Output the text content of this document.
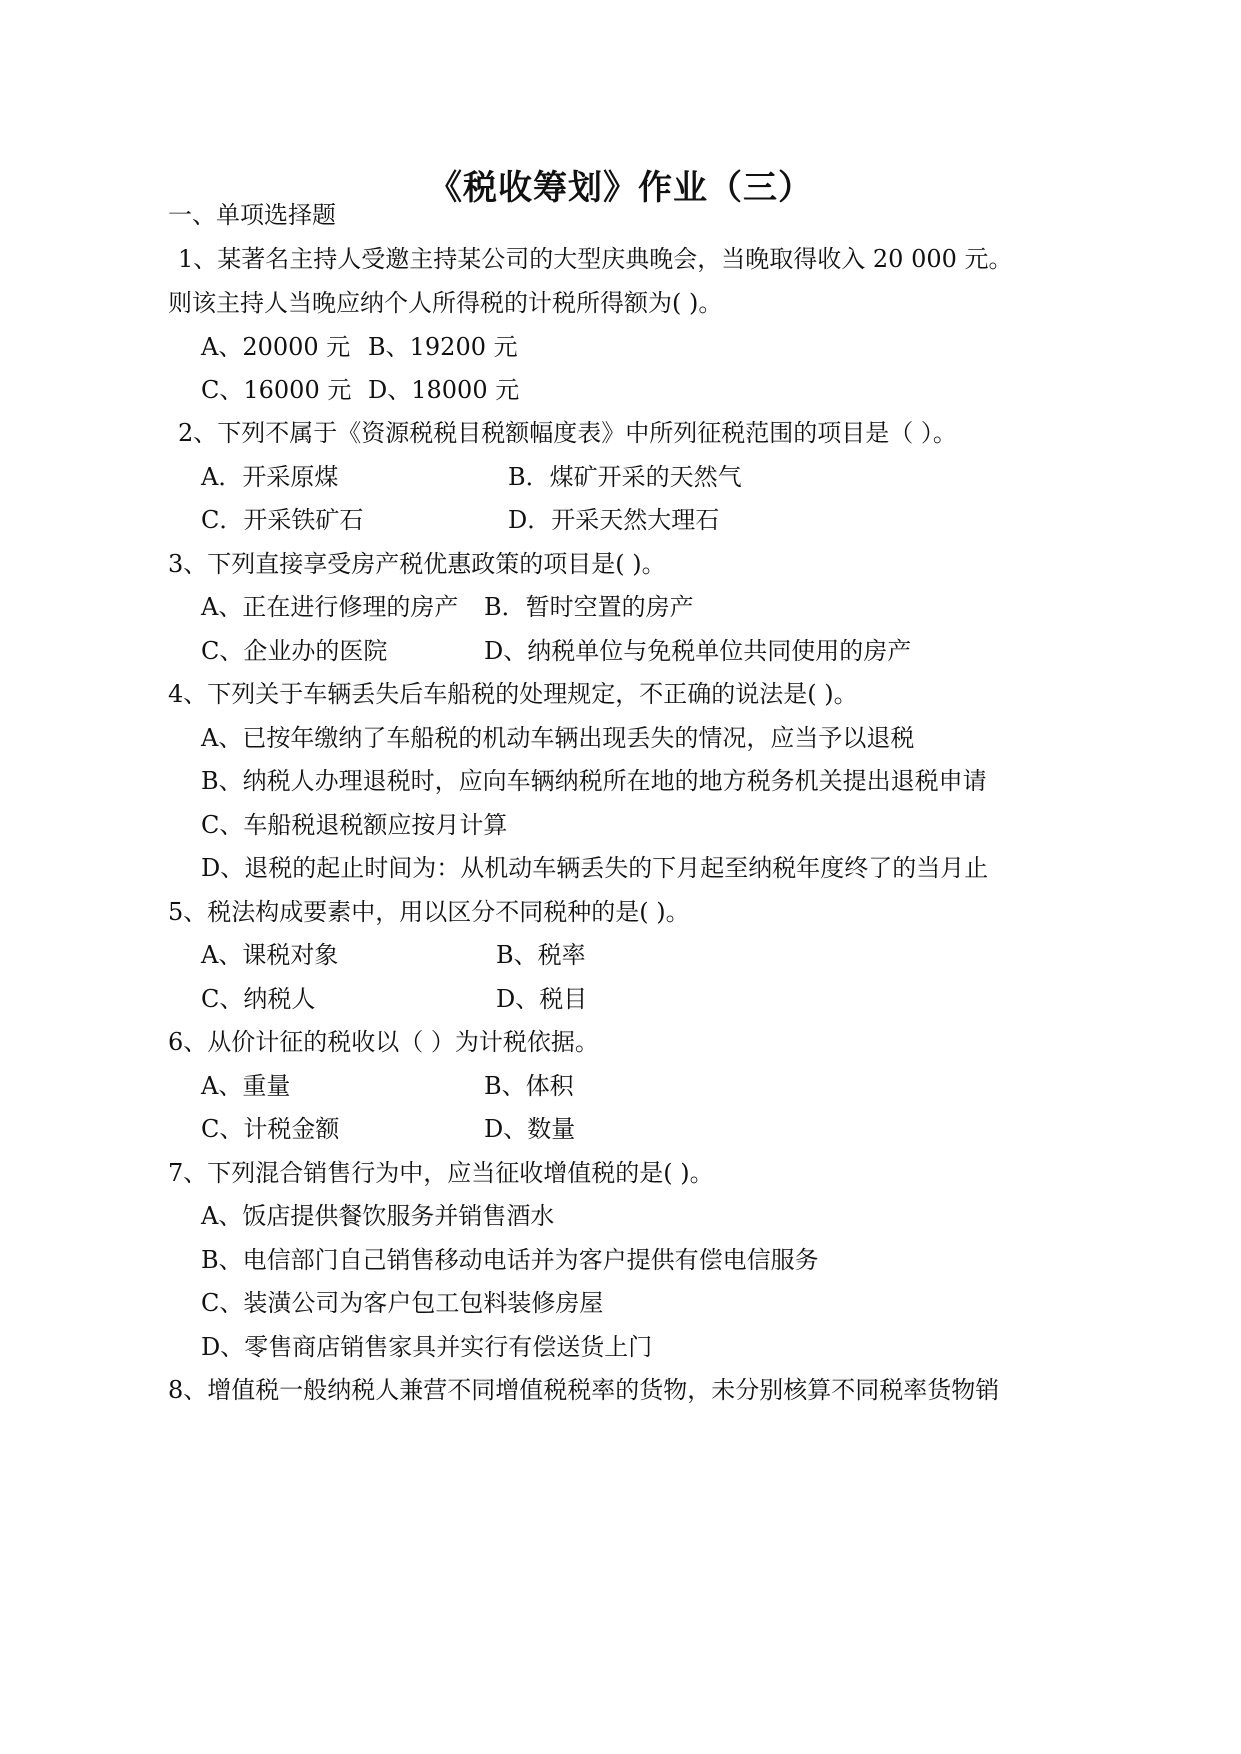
《税收筹划》作业（三）
一、单项选择题
1、某著名主持人受邀主持某公司的大型庆典晚会，当晚取得收入 20 000 元。
则该主持人当晚应纳个人所得税的计税所得额为( )。
A、20000 元 B、19200 元
C、16000 元 D、18000 元
2、下列不属于《资源税税目税额幅度表》中所列征税范围的项目是（ ）。
A．开采原煤	B．煤矿开采的天然气
C．开采铁矿石	D．开采天然大理石
3、下列直接享受房产税优惠政策的项目是( )。
A、正在进行修理的房产 B．暂时空置的房产
C、企业办的医院	D、纳税单位与免税单位共同使用的房产
4、下列关于车辆丢失后车船税的处理规定，不正确的说法是( )。
A、已按年缴纳了车船税的机动车辆出现丢失的情况，应当予以退税
B、纳税人办理退税时，应向车辆纳税所在地的地方税务机关提出退税申请
C、车船税退税额应按月计算
D、退税的起止时间为：从机动车辆丢失的下月起至纳税年度终了的当月止
5、税法构成要素中，用以区分不同税种的是( )。
A、课税对象	B、税率
C、纳税人	D、税目
6、从价计征的税收以（ ）为计税依据。
A、重量	B、体积
C、计税金额	D、数量
7、下列混合销售行为中，应当征收增值税的是( )。
A、饭店提供餐饮服务并销售酒水
B、电信部门自己销售移动电话并为客户提供有偿电信服务
C、装潢公司为客户包工包料装修房屋
D、零售商店销售家具并实行有偿送货上门
8、增值税一般纳税人兼营不同增值税税率的货物，未分别核算不同税率货物销
